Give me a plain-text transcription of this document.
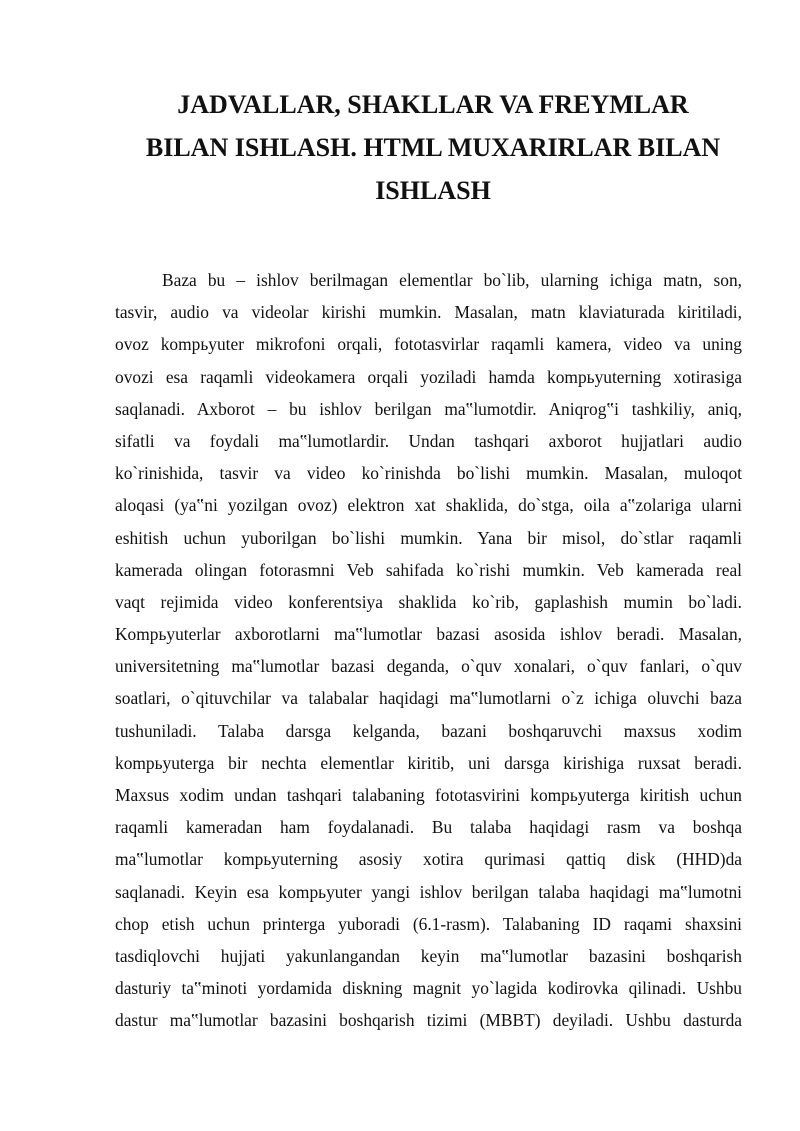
JADVALLAR, SHAKLLAR VA FREYMLAR
BILAN ISHLASH. HTML MUXARIRLAR BILAN
ISHLASH
Baza bu – ishlov berilmagan elementlar bo`lib, ularning ichiga matn, son,
tasvir, audio va videolar kirishi mumkin. Masalan, matn klaviaturada kiritiladi,
ovoz kompьyuter mikrofoni orqali, fototasvirlar raqamli kamera, video va uning
ovozi esa raqamli videokamera orqali yoziladi hamda kompьyuterning xotirasiga
saqlanadi. Axborot – bu ishlov berilgan ma‟lumotdir. Aniqrog‟i tashkiliy, aniq,
sifatli va foydali ma‟lumotlardir. Undan tashqari axborot hujjatlari audio
ko`rinishida, tasvir va video ko`rinishda bo`lishi mumkin. Masalan, muloqot
aloqasi (ya‟ni yozilgan ovoz) elektron xat shaklida, do`stga, oila a‟zolariga ularni
eshitish uchun yuborilgan bo`lishi mumkin. Yana bir misol, do`stlar raqamli
kamerada olingan fotorasmni Veb sahifada ko`rishi mumkin. Veb kamerada real
vaqt rejimida video konferentsiya shaklida ko`rib, gaplashish mumin bo`ladi.
Kompьyuterlar axborotlarni ma‟lumotlar bazasi asosida ishlov beradi. Masalan,
universitetning ma‟lumotlar bazasi deganda, o`quv xonalari, o`quv fanlari, o`quv
soatlari, o`qituvchilar va talabalar haqidagi ma‟lumotlarni o`z ichiga oluvchi baza
tushuniladi. Talaba darsga kelganda, bazani boshqaruvchi maxsus xodim
kompьyuterga bir nechta elementlar kiritib, uni darsga kirishiga ruxsat beradi.
Maxsus xodim undan tashqari talabaning fototasvirini kompьyuterga kiritish uchun
raqamli kameradan ham foydalanadi. Bu talaba haqidagi rasm va boshqa
ma‟lumotlar kompьyuterning asosiy xotira qurimasi qattiq disk (HHD)da
saqlanadi. Keyin esa kompьyuter yangi ishlov berilgan talaba haqidagi ma‟lumotni
chop etish uchun printerga yuboradi (6.1-rasm). Talabaning ID raqami shaxsini
tasdiqlovchi hujjati yakunlangandan keyin ma‟lumotlar bazasini boshqarish
dasturiy ta‟minoti yordamida diskning magnit yo`lagida kodirovka qilinadi. Ushbu
dastur ma‟lumotlar bazasini boshqarish tizimi (MBBT) deyiladi. Ushbu dasturda
